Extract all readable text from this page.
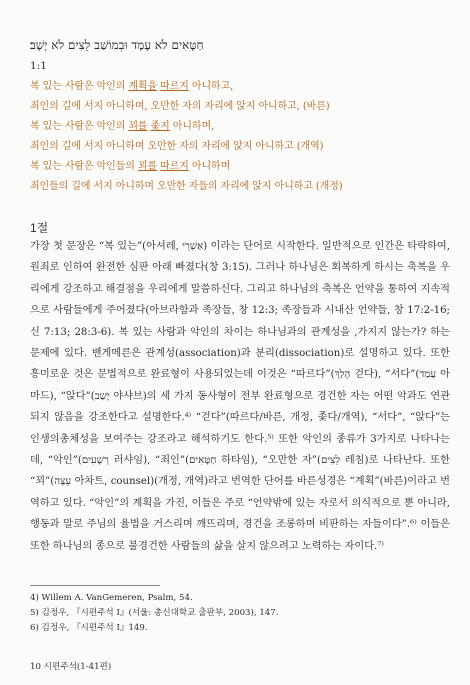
חַטָּאִים לֹא עָמָד וּבְמוֹשַׁב לֵצִים לֹא יָשָׁב׃
1:1
복 있는 사람은 악인의 계획을 따르지 아니하고,
죄인의 길에 서지 아니하며, 오만한 자의 자리에 앉지 아니하고, (바른)
복 있는 사람은 악인의 꾀를 좇지 아니하며,
죄인의 길에 서지 아니하며 오만한 자의 자리에 앉지 아니하고 (개역)
복 있는 사람은 악인들의 꾀를 따르지 아니하며
죄인들의 길에 서지 아니하며 오만한 자들의 자리에 앉지 아니하고 (개정)
1절

가장 첫 문장은 “복 있는”(아셔레, אַשְׁרֵי) 이라는 단어로 시작한다. 일반적으로 인간은 타락하여, 원죄로 인하여 완전한 심판 아래 빠졌다(창 3:15). 그러나 하나님은 회복하게 하시는 축복을 우리에게 강조하고 해결점을 우리에게 말씀하신다. 그리고 하나님의 축복은 언약을 통하여 지속적으로 사람들에게 주어졌다(아브라함과 족장들, 창 12:3; 족장들과 시내산 언약들, 창 17:2-16; 신 7:13; 28:3-6). 복 있는 사람과 악인의 차이는 하나님과의 관계성을 ,가지지 않는가? 하는 문제에 있다. 밴게메른은 관계성(association)과 분리(dissociation)로 설명하고 있다. 또한 흥미로운 것은 문법적으로 완료형이 사용되었는데 이것은 “따르다”(הָלַךְ 걷다), “서다”(עָמַד 아마드), “앉다”(יָשַׁב 야샤브)의 세 가지 동사형이 전부 완료형으로 경건한 자는 어떤 악과도 연관되지 않음을 강조한다고 설명한다.⁴⁾ “걷다”(따르다/바른, 개정, 좇다/개역), “서다”, “앉다”는 인생의총체성을 보여주는 강조라고 해석하기도 한다.⁵⁾ 또한 악인의 종류가 3가지로 나타나는데, “악인”(רְשָׁעִים 러샤임), “죄인”(חַטָּאִים 하타임), “오만한 자”(לֵצִים 레침)로 나타난다. 또한 “꾀”(עֵצָה 아차트, counsel)(개정, 개역)라고 번역한 단어를 바른성경은 “계획”(바른)이라고 번역하고 있다. “악인”의 계획을 가진, 이들은 주로 “언약밖에 있는 자로서 의식적으로 뿐 아니라, 행동과 말로 주님의 율법을 거스리며 깨뜨리며, 경건을 조롱하며 비판하는 자들이다”.⁶⁾ 이들은 또한 하나님의 종으로 불경건한 사람들의 삶을 살지 않으려고 노력하는 자이다.⁷⁾

4) Willem A. VanGemeren, Psalm, 54.
5) 김정우, 『시편주석 I』(서울: 총신대학교 출판부, 2003), 147.
6) 김정우, 『시편주석 I』149.
10 시편주석(1-41편)
